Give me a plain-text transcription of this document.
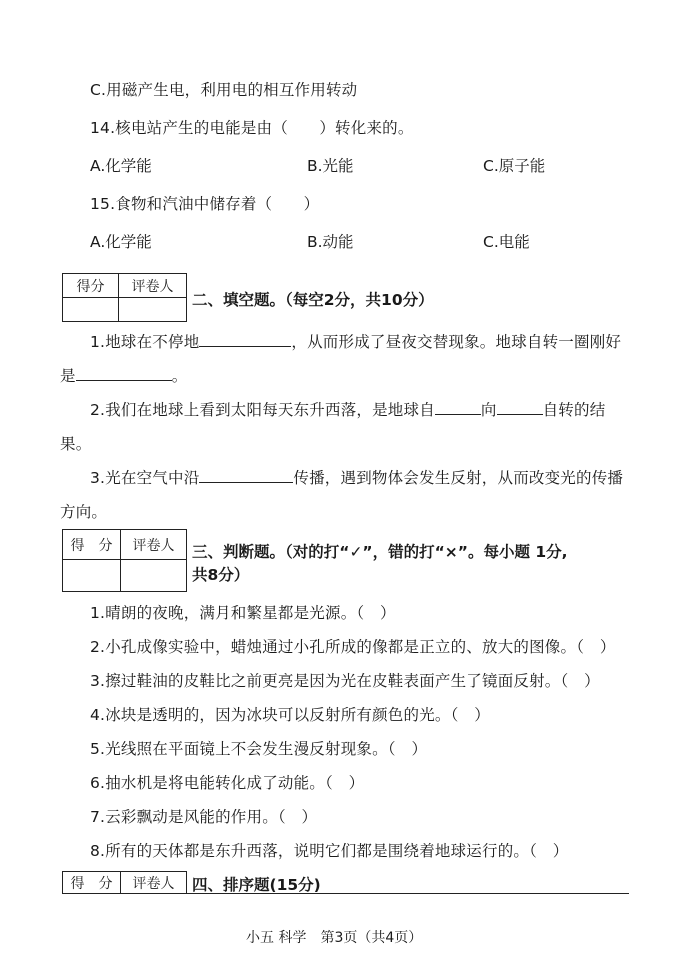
C.用磁产生电，利用电的相互作用转动
14.核电站产生的电能是由（　　）转化来的。
A.化学能	B.光能	C.原子能
15.食物和汽油中储存着（　　）
A.化学能	B.动能	C.电能
得分	评卷人

二、填空题。（每空2分，共10分）
1.地球在不停地	，从而形成了昼夜交替现象。地球自转一圈刚好
是	。
2.我们在地球上看到太阳每天东升西落，是地球自	向	自转的结
果。
3.光在空气中沿	传播，遇到物体会发生反射，从而改变光的传播
方向。
得　分	评卷人
	三、判断题。（对的打“✓”，错的打“×”。每小题 1分,
共8分）
1.晴朗的夜晚，满月和繁星都是光源。（　）
2.小孔成像实验中，蜡烛通过小孔所成的像都是正立的、放大的图像。（　）
3.擦过鞋油的皮鞋比之前更亮是因为光在皮鞋表面产生了镜面反射。（　）
4.冰块是透明的，因为冰块可以反射所有颜色的光。（　）
5.光线照在平面镜上不会发生漫反射现象。（　）
6.抽水机是将电能转化成了动能。（　）
7.云彩飘动是风能的作用。（　）
8.所有的天体都是东升西落，说明它们都是围绕着地球运行的。（　）
得　分	评卷人 四、排序题(15分)
小五 科学　第3页（共4页）
